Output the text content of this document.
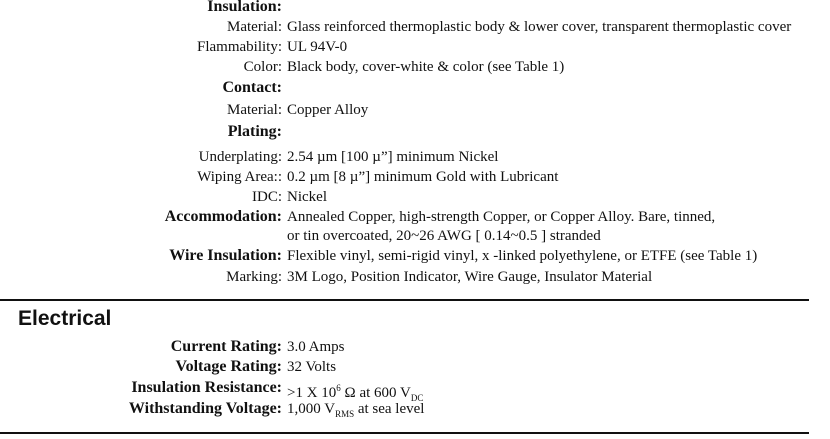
Insulation:
Material: Glass reinforced thermoplastic body & lower cover, transparent thermoplastic cover
Flammability: UL 94V-0
Color: Black body, cover-white & color (see Table 1)
Contact:
Material: Copper Alloy
Plating:
Underplating: 2.54 µm [100 µ”] minimum Nickel
Wiping Area:: 0.2 µm [8 µ”] minimum Gold with Lubricant
IDC: Nickel
Accommodation: Annealed Copper, high-strength Copper, or Copper Alloy. Bare, tinned,
or tin overcoated, 20~26 AWG [ 0.14~0.5 ] stranded
Wire Insulation: Flexible vinyl, semi-rigid vinyl, x -linked polyethylene, or ETFE (see Table 1)
Marking: 3M Logo, Position Indicator, Wire Gauge, Insulator Material
Electrical
Current Rating: 3.0 Amps
Voltage Rating: 32 Volts
Insulation Resistance: >1 X $10^6$ Ω at 600 $V_{DC}$
Withstanding Voltage: 1,000 $V_{RMS}$ at sea level
